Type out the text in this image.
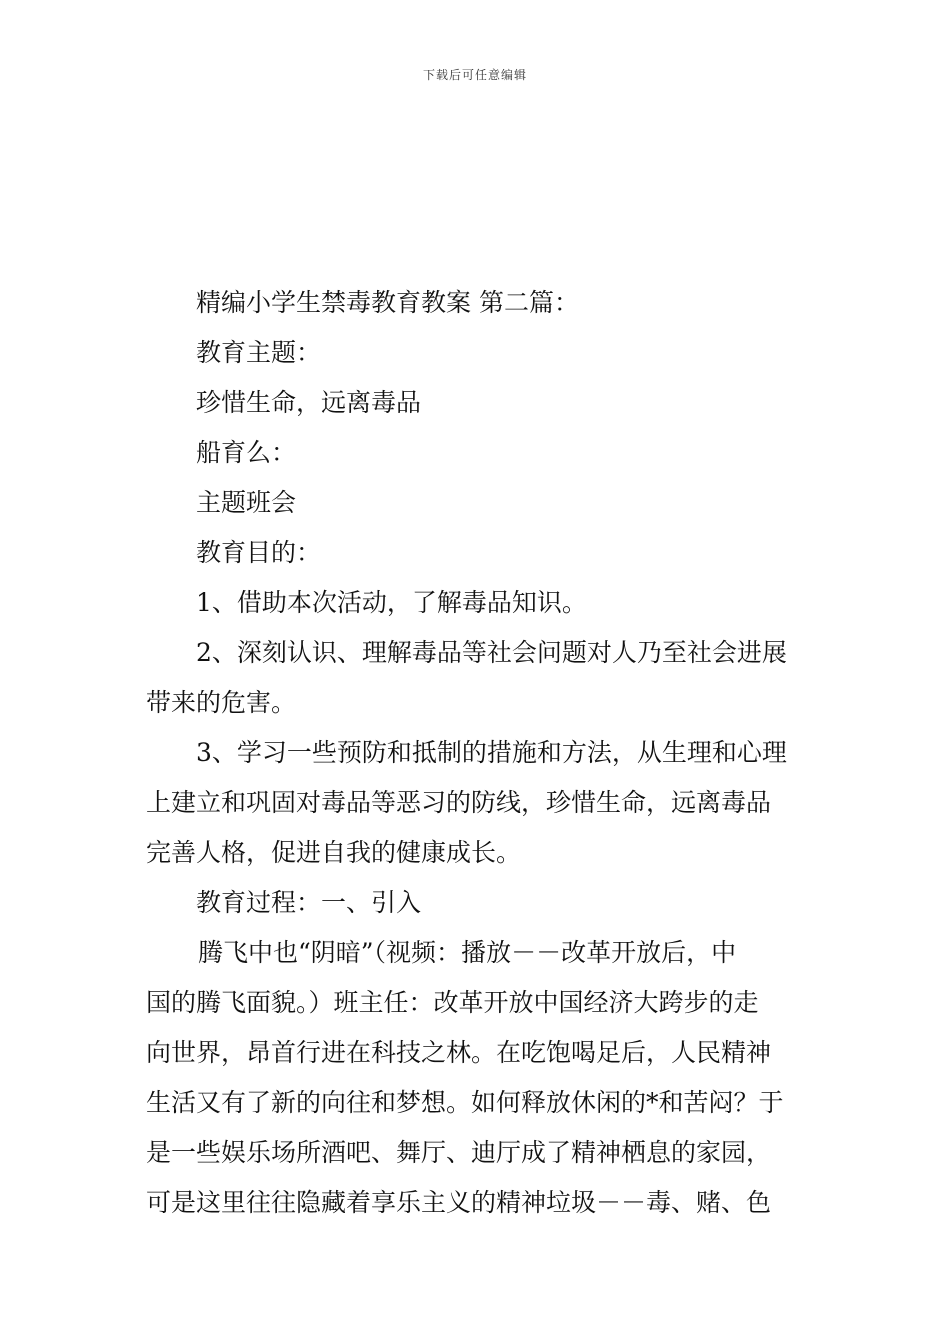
下载后可任意编辑
精编小学生禁毒教育教案 第二篇：
教育主题：
珍惜生命，远离毒品
船育么：
主题班会
教育目的：
1、借助本次活动，了解毒品知识。
2、深刻认识、理解毒品等社会问题对人乃至社会进展
带来的危害。
3、学习一些预防和抵制的措施和方法，从生理和心理
上建立和巩固对毒品等恶习的防线，珍惜生命，远离毒品
完善人格，促进自我的健康成长。
教育过程：一、引入
腾飞中也“阴暗”（视频：播放－－改革开放后，中
国的腾飞面貌。）班主任：改革开放中国经济大跨步的走
向世界，昂首行进在科技之林。在吃饱喝足后，人民精神
生活又有了新的向往和梦想。如何释放休闲的*和苦闷？于
是一些娱乐场所酒吧、舞厅、迪厅成了精神栖息的家园，
可是这里往往隐藏着享乐主义的精神垃圾－－毒、赌、色
